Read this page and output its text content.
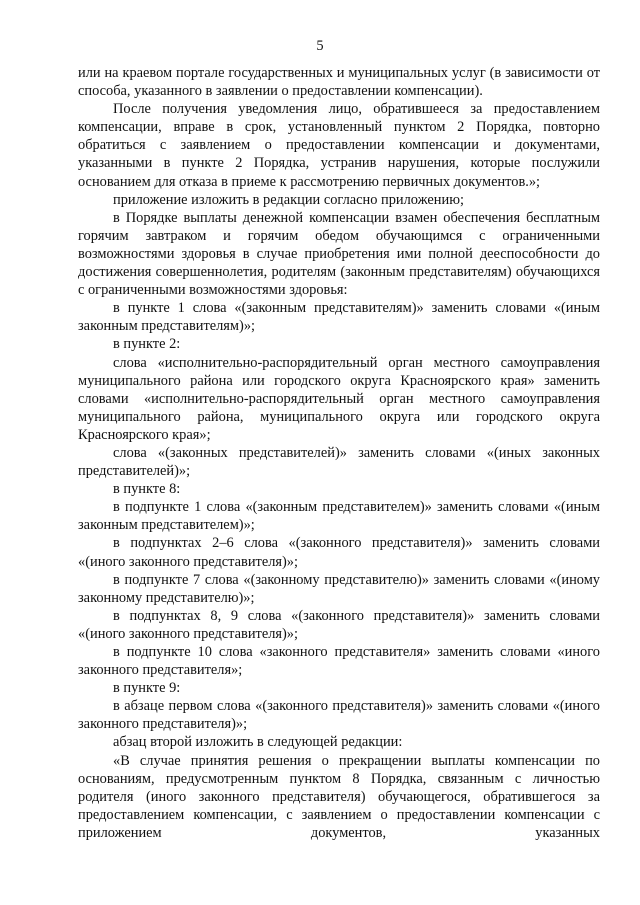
5

или на краевом портале государственных и муниципальных услуг (в зависимости от способа, указанного в заявлении о предоставлении компенсации).

После получения уведомления лицо, обратившееся за предоставлением компенсации, вправе в срок, установленный пунктом 2 Порядка, повторно обратиться с заявлением о предоставлении компенсации и документами, указанными в пункте 2 Порядка, устранив нарушения, которые послужили основанием для отказа в приеме к рассмотрению первичных документов.»;

приложение изложить в редакции согласно приложению;

в Порядке выплаты денежной компенсации взамен обеспечения бесплатным горячим завтраком и горячим обедом обучающимся с ограниченными возможностями здоровья в случае приобретения ими полной дееспособности до достижения совершеннолетия, родителям (законным представителям) обучающихся с ограниченными возможностями здоровья:

в пункте 1 слова «(законным представителям)» заменить словами «(иным законным представителям)»;

в пункте 2:

слова «исполнительно-распорядительный орган местного самоуправления муниципального района или городского округа Красноярского края» заменить словами «исполнительно-распорядительный орган местного самоуправления муниципального района, муниципального округа или городского округа Красноярского края»;

слова «(законных представителей)» заменить словами «(иных законных представителей)»;

в пункте 8:

в подпункте 1 слова «(законным представителем)» заменить словами «(иным законным представителем)»;

в подпунктах 2–6 слова «(законного представителя)» заменить словами «(иного законного представителя)»;

в подпункте 7 слова «(законному представителю)» заменить словами «(иному законному представителю)»;

в подпунктах 8, 9 слова «(законного представителя)» заменить словами «(иного законного представителя)»;

в подпункте 10 слова «законного представителя» заменить словами «иного законного представителя»;

в пункте 9:

в абзаце первом слова «(законного представителя)» заменить словами «(иного законного представителя)»;

абзац второй изложить в следующей редакции:

«В случае принятия решения о прекращении выплаты компенсации по основаниям, предусмотренным пунктом 8 Порядка, связанным с личностью родителя (иного законного представителя) обучающегося, обратившегося за предоставлением компенсации, с заявлением о предоставлении компенсации с приложением документов, указанных
